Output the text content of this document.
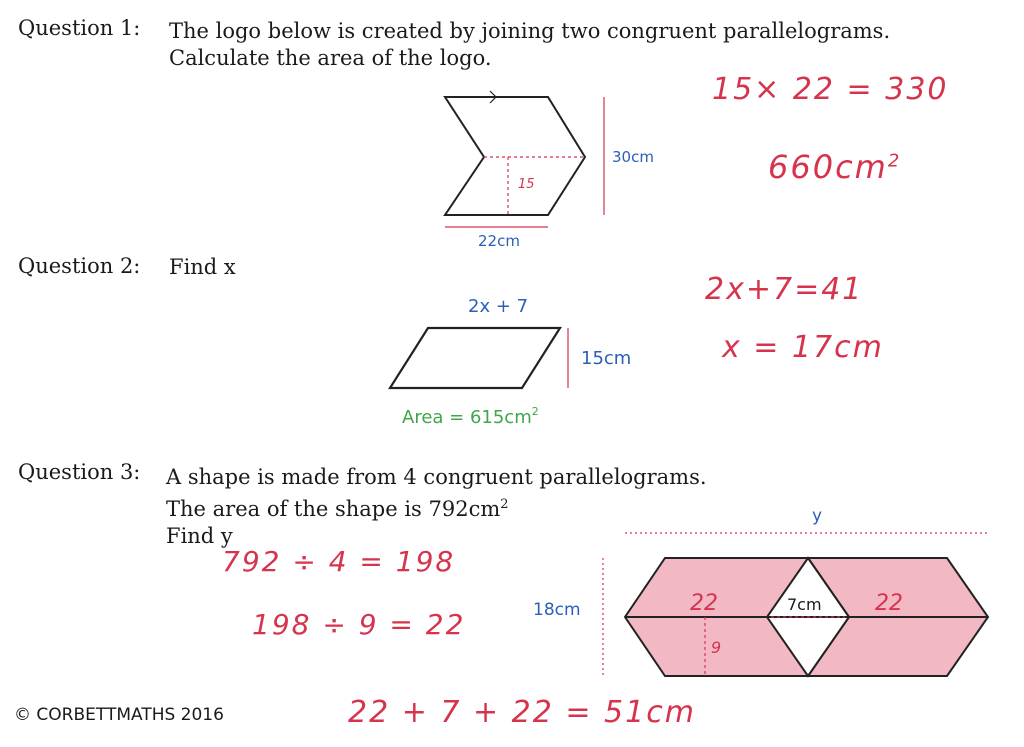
Question 1: The logo below is created by joining two congruent parallelograms.
Calculate the area of the logo.
30cm
22cm
15
15× 22 = 330
$660cm^2$
Question 2: Find x
2x + 7
15cm
Area = $615cm^2$
2x+7=41
x = 17cm
Question 3: A shape is made from 4 congruent parallelograms.
The area of the shape is $792cm^2$
Find y
y
18cm	7cm
22	22
9
792 ÷ 4 = 198
198 ÷ 9 = 22
22 + 7 + 22 = 51cm
© CORBETTMATHS 2016
